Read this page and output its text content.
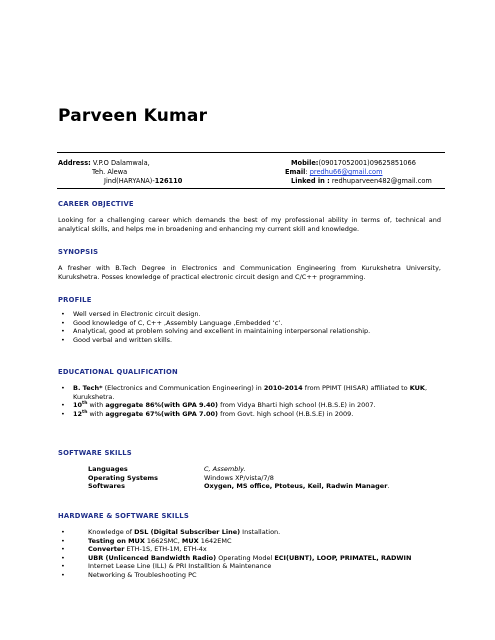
Parveen Kumar
Address: V.P.O Dalamwala,
Teh. Alewa
Jind(HARYANA)-126110
Mobile:(09017052001)09625851066
Email: predhu66@gmail.com
Linked in : redhuparveen482@gmail.com
CAREER OBJECTIVE
Looking for a challenging career which demands the best of my professional ability in terms of, technical and analytical skills, and helps me in broadening and enhancing my current skill and knowledge.
SYNOPSIS
A fresher with B.Tech Degree in Electronics and Communication Engineering from Kurukshetra University, Kurukshetra. Posses knowledge of practical electronic circuit design and C/C++ programming.
PROFILE
• Well versed in Electronic circuit design.
• Good knowledge of C, C++ ,Assembly Language ,Embedded ‘c’.
• Analytical, good at problem solving and excellent in maintaining interpersonal relationship.
• Good verbal and written skills.
EDUCATIONAL QUALIFICATION
• B. Tech* (Electronics and Communication Engineering) in 2010-2014 from PPIMT (HISAR) affiliated to KUK,
Kurukshetra.
• 10th with aggregate 86%(with GPA 9.40) from Vidya Bharti high school (H.B.S.E) in 2007.
• 12th with aggregate 67%(with GPA 7.00) from Govt. high school (H.B.S.E) in 2009.
SOFTWARE SKILLS
Languages	C, Assembly.
Operating Systems	Windows XP/vista/7/8
Softwares	Oxygen, MS office, Ptoteus, Keil, Radwin Manager.
HARDWARE & SOFTWARE SKILLS
•	Knowledge of DSL (Digital Subscriber Line) Installation.
•	Testing on MUX 1662SMC, MUX 1642EMC
•	Converter ETH-1S, ETH-1M, ETH-4x
•	UBR (Unlicenced Bandwidth Radio) Operating Model ECI(UBNT), LOOP, PRIMATEL, RADWIN
•	Internet Lease Line (ILL) & PRI Installtion & Maintenance
•	Networking & Troubleshooting PC
